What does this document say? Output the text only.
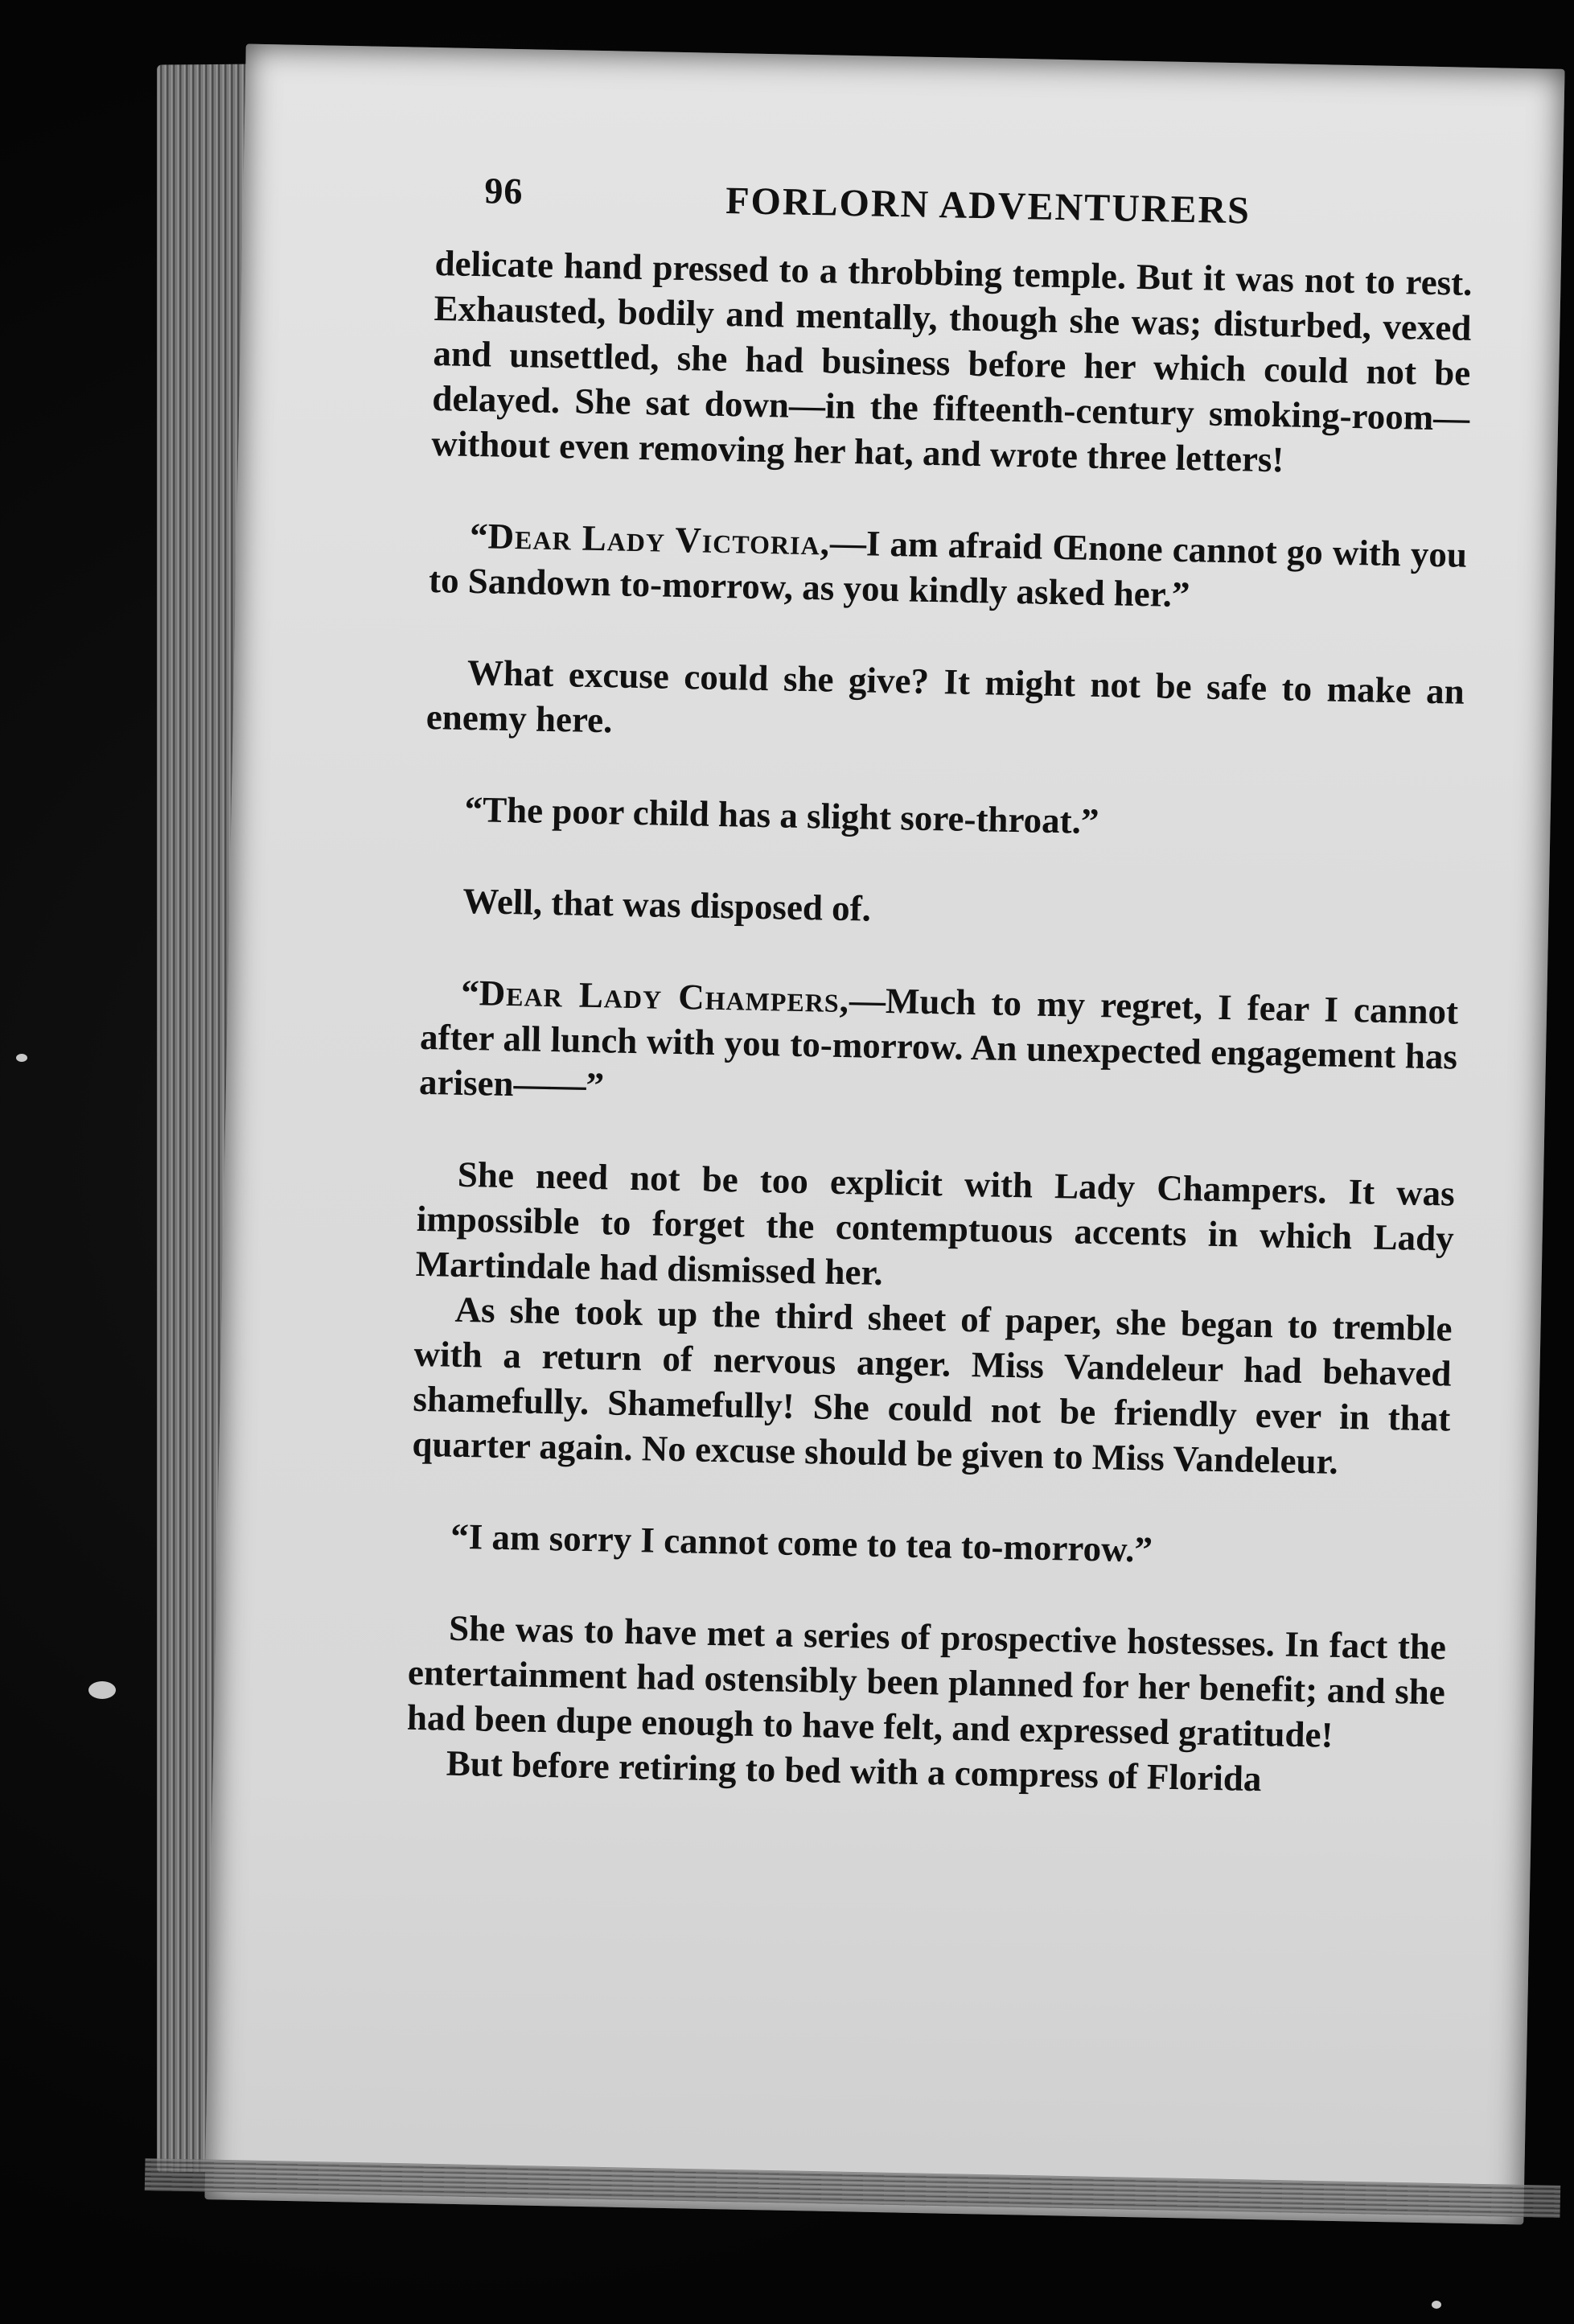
96	FORLORN ADVENTURERS

delicate hand pressed to a throbbing temple. But it was not to rest. Exhausted, bodily and mentally, though she was; disturbed, vexed and unsettled, she had business before her which could not be delayed. She sat down—in the fifteenth-century smoking-room—without even removing her hat, and wrote three letters!

“Dear Lady Victoria,—I am afraid Œnone cannot go with you to Sandown to-morrow, as you kindly asked her.”

What excuse could she give? It might not be safe to make an enemy here.

“The poor child has a slight sore-throat.”

Well, that was disposed of.

“Dear Lady Champers,—Much to my regret, I fear I cannot after all lunch with you to-morrow. An unexpected engagement has arisen——”

She need not be too explicit with Lady Champers. It was impossible to forget the contemptuous accents in which Lady Martindale had dismissed her.

As she took up the third sheet of paper, she began to tremble with a return of nervous anger. Miss Vandeleur had behaved shamefully. Shamefully! She could not be friendly ever in that quarter again. No excuse should be given to Miss Vandeleur.

“I am sorry I cannot come to tea to-morrow.”

She was to have met a series of prospective hostesses. In fact the entertainment had ostensibly been planned for her benefit; and she had been dupe enough to have felt, and expressed gratitude!

But before retiring to bed with a compress of Florida
